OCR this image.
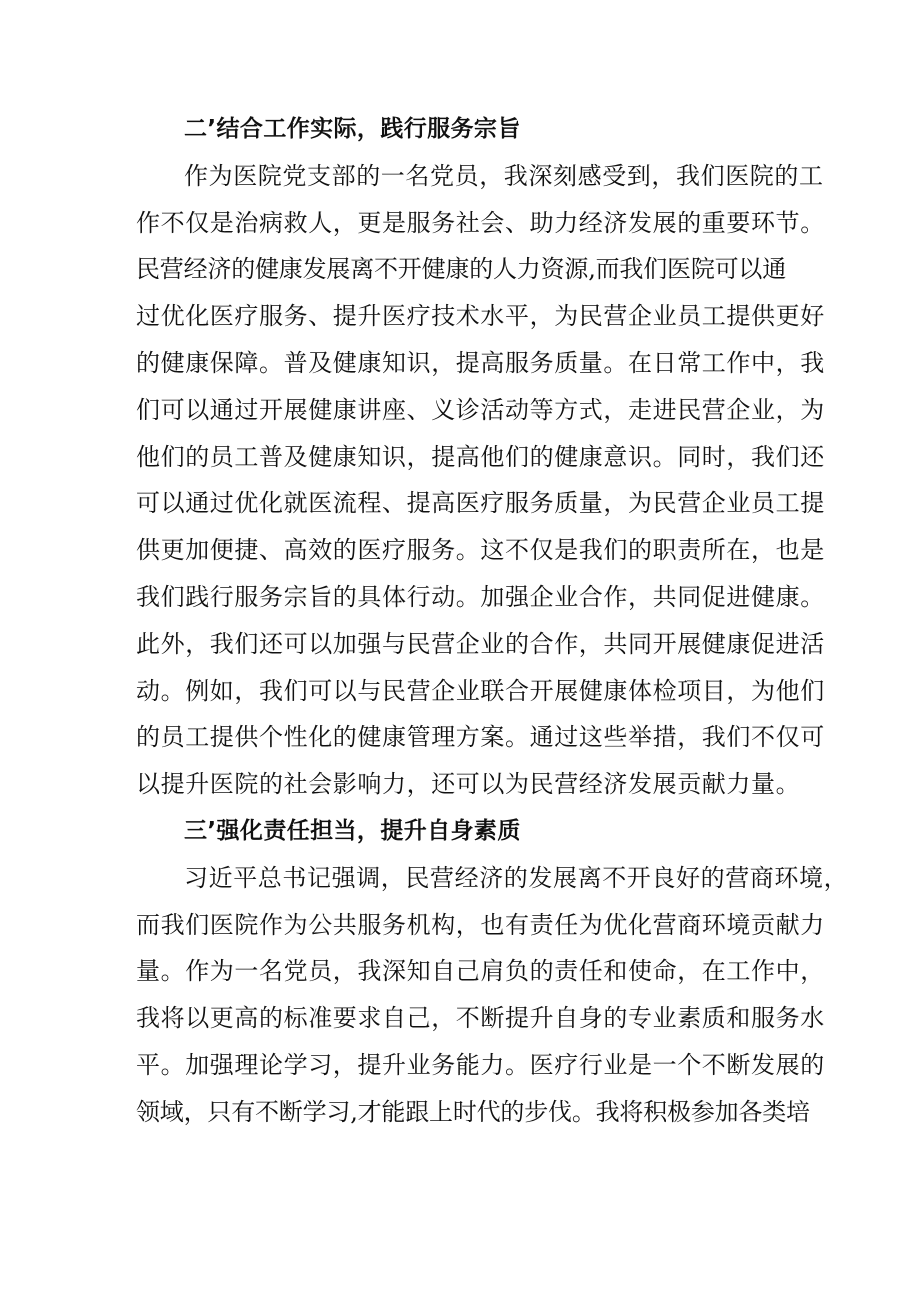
二’结合工作实际，践行服务宗旨
作为医院党支部的一名党员，我深刻感受到，我们医院的工
作不仅是治病救人，更是服务社会、助力经济发展的重要环节。
民营经济的健康发展离不开健康的人力资源,而我们医院可以通
过优化医疗服务、提升医疗技术水平，为民营企业员工提供更好
的健康保障。普及健康知识，提高服务质量。在日常工作中，我
们可以通过开展健康讲座、义诊活动等方式，走进民营企业，为
他们的员工普及健康知识，提高他们的健康意识。同时，我们还
可以通过优化就医流程、提高医疗服务质量，为民营企业员工提
供更加便捷、高效的医疗服务。这不仅是我们的职责所在，也是
我们践行服务宗旨的具体行动。加强企业合作，共同促进健康。
此外，我们还可以加强与民营企业的合作，共同开展健康促进活
动。例如，我们可以与民营企业联合开展健康体检项目，为他们
的员工提供个性化的健康管理方案。通过这些举措，我们不仅可
以提升医院的社会影响力，还可以为民营经济发展贡献力量。
三’强化责任担当，提升自身素质
习近平总书记强调，民营经济的发展离不开良好的营商环境，
而我们医院作为公共服务机构，也有责任为优化营商环境贡献力
量。作为一名党员，我深知自己肩负的责任和使命，在工作中，
我将以更高的标准要求自己，不断提升自身的专业素质和服务水
平。加强理论学习，提升业务能力。医疗行业是一个不断发展的
领域，只有不断学习,才能跟上时代的步伐。我将积极参加各类培
